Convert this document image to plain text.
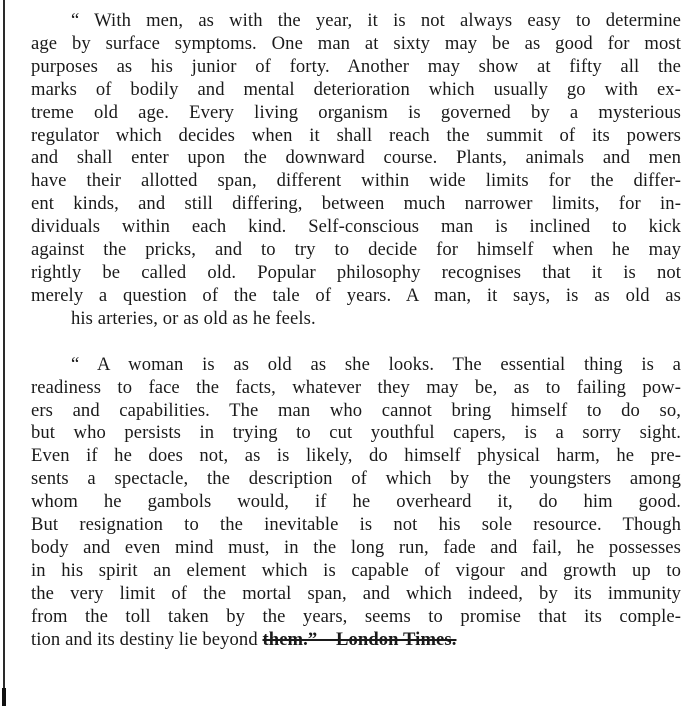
“ With men, as with the year, it is not always easy to determine
age by surface symptoms. One man at sixty may be as good for most
purposes as his junior of forty. Another may show at fifty all the
marks of bodily and mental deterioration which usually go with ex-
treme old age. Every living organism is governed by a mysterious
regulator which decides when it shall reach the summit of its powers
and shall enter upon the downward course. Plants, animals and men
have their allotted span, different within wide limits for the differ-
ent kinds, and still differing, between much narrower limits, for in-
dividuals within each kind. Self-conscious man is inclined to kick
against the pricks, and to try to decide for himself when he may
rightly be called old. Popular philosophy recognises that it is not
merely a question of the tale of years. A man, it says, is as old as
his arteries, or as old as he feels.
“ A woman is as old as she looks. The essential thing is a
readiness to face the facts, whatever they may be, as to failing pow-
ers and capabilities. The man who cannot bring himself to do so,
but who persists in trying to cut youthful capers, is a sorry sight.
Even if he does not, as is likely, do himself physical harm, he pre-
sents a spectacle, the description of which by the youngsters among
whom he gambols would, if he overheard it, do him good.
But resignation to the inevitable is not his sole resource. Though
body and even mind must, in the long run, fade and fail, he possesses
in his spirit an element which is capable of vigour and growth up to
the very limit of the mortal span, and which indeed, by its immunity
from the toll taken by the years, seems to promise that its comple-
tion and its destiny lie beyond them.”—London Times.
